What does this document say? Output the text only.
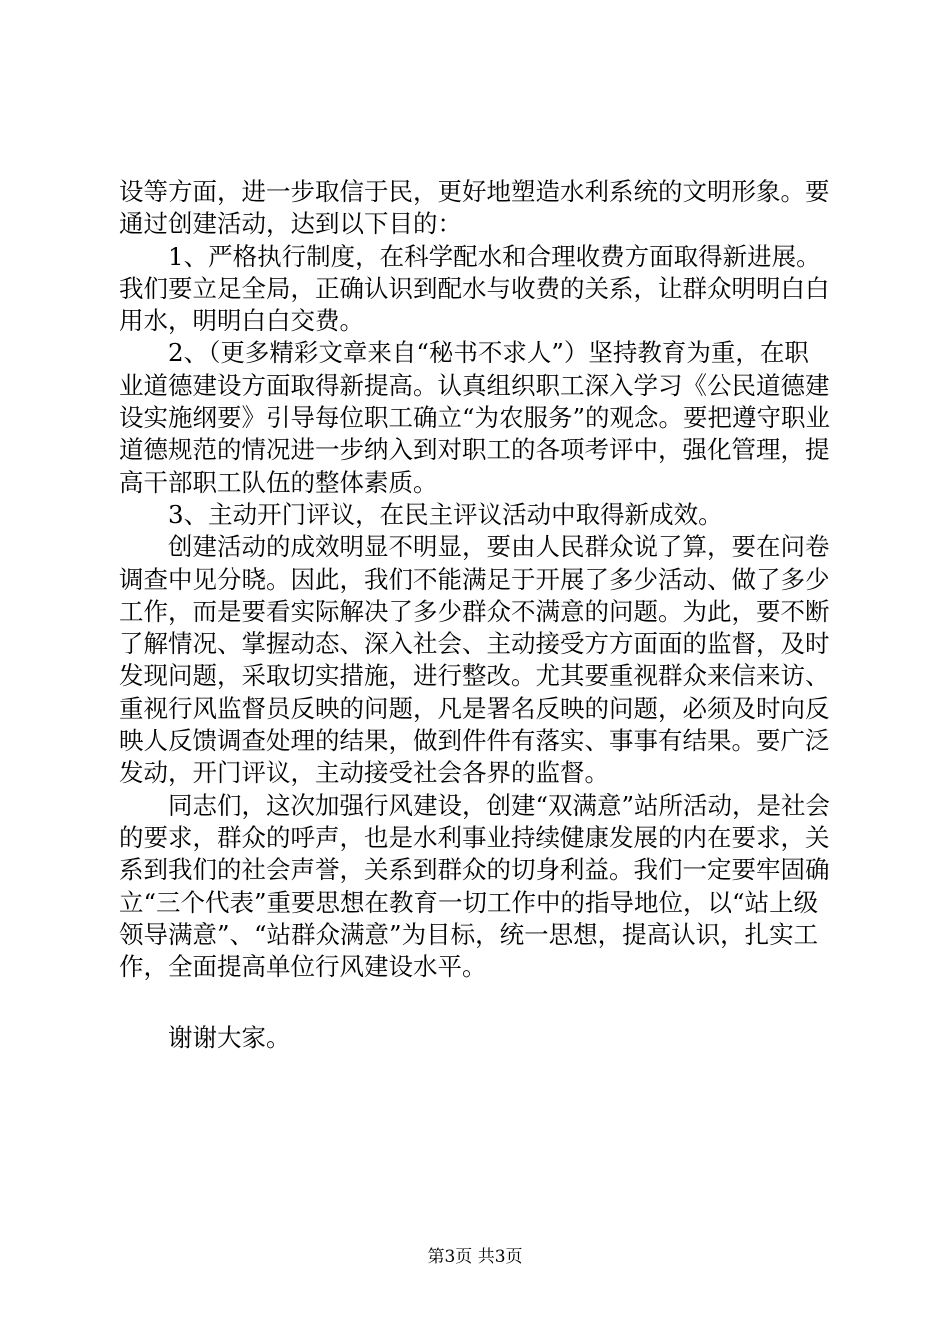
设等方面，进一步取信于民，更好地塑造水利系统的文明形象。要通过创建活动，达到以下目的：

1、严格执行制度，在科学配水和合理收费方面取得新进展。我们要立足全局，正确认识到配水与收费的关系，让群众明明白白用水，明明白白交费。

2、（更多精彩文章来自“秘书不求人”）坚持教育为重，在职业道德建设方面取得新提高。认真组织职工深入学习《公民道德建设实施纲要》引导每位职工确立“为农服务”的观念。要把遵守职业道德规范的情况进一步纳入到对职工的各项考评中，强化管理，提高干部职工队伍的整体素质。

3、主动开门评议，在民主评议活动中取得新成效。

创建活动的成效明显不明显，要由人民群众说了算，要在问卷调查中见分晓。因此，我们不能满足于开展了多少活动、做了多少工作，而是要看实际解决了多少群众不满意的问题。为此，要不断了解情况、掌握动态、深入社会、主动接受方方面面的监督，及时发现问题，采取切实措施，进行整改。尤其要重视群众来信来访、重视行风监督员反映的问题，凡是署名反映的问题，必须及时向反映人反馈调查处理的结果，做到件件有落实、事事有结果。要广泛发动，开门评议，主动接受社会各界的监督。

同志们，这次加强行风建设，创建“双满意”站所活动，是社会的要求，群众的呼声，也是水利事业持续健康发展的内在要求，关系到我们的社会声誉，关系到群众的切身利益。我们一定要牢固确立“三个代表”重要思想在教育一切工作中的指导地位，以“站上级领导满意”、“站群众满意”为目标，统一思想，提高认识，扎实工作，全面提高单位行风建设水平。

谢谢大家。
第3页 共3页
